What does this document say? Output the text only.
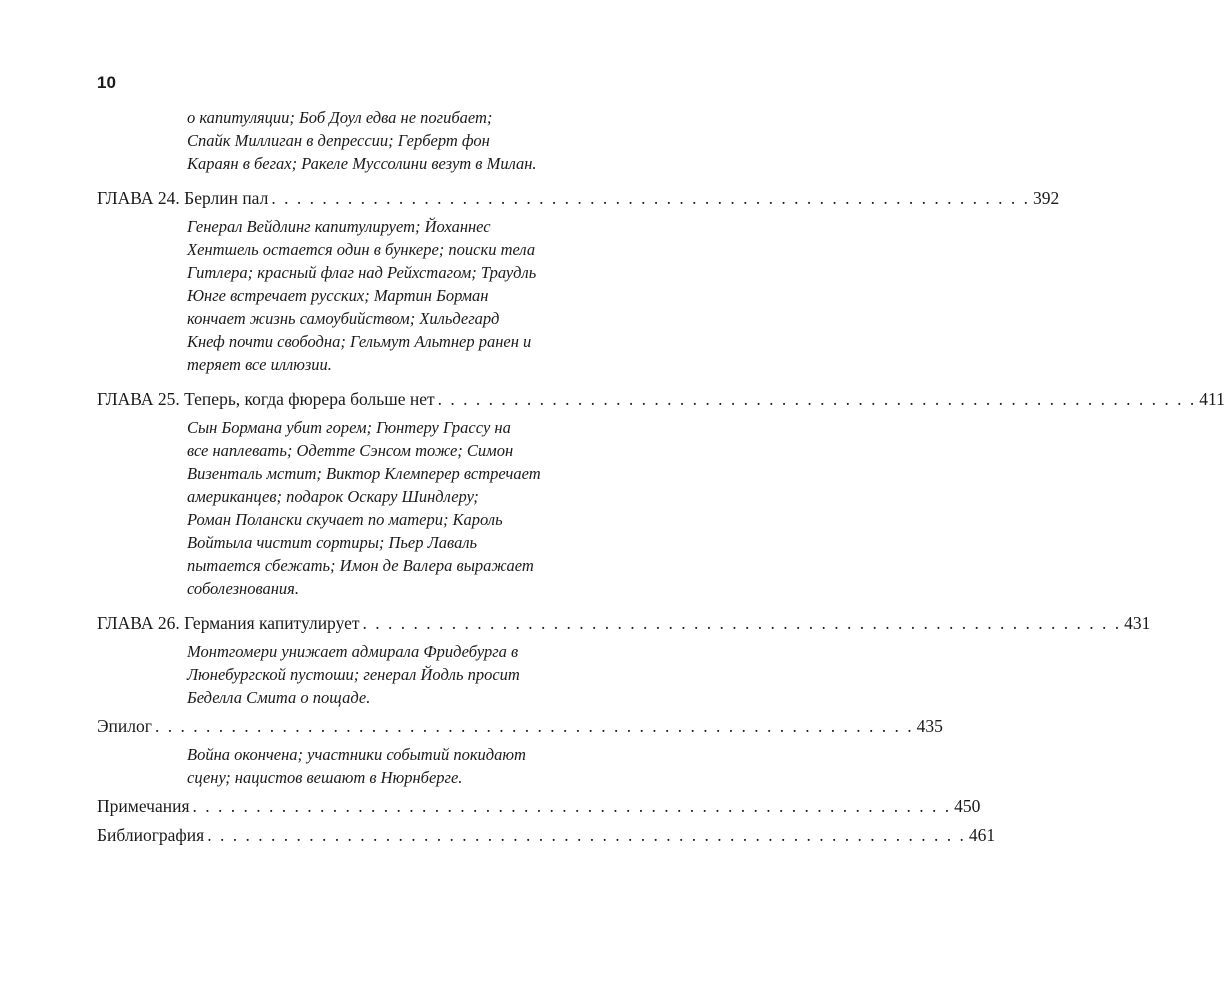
10
о капитуляции; Боб Доул едва не погибает;
Спайк Миллиган в депрессии; Герберт фон
Караян в бегах; Ракеле Муссолини везут в Милан.
ГЛАВА 24. Берлин пал . . . . . . . . . . . . . . . . . . . . . . . . . . . . . . . . . . . . . . . . . . . . . . . . . . . . . . . . . . . . 392
Генерал Вейдлинг капитулирует; Йоханнес
Хентшель остается один в бункере; поиски тела
Гитлера; красный флаг над Рейхстагом; Траудль
Юнге встречает русских; Мартин Борман
кончает жизнь самоубийством; Хильдегард
Кнеф почти свободна; Гельмут Альтнер ранен и
теряет все иллюзии.
ГЛАВА 25. Теперь, когда фюрера больше нет . . . . . . . . . . . . . . . . . . . . . . . . . . . . . . . . . . . . . . . . . . . . . . . . . . . . . . . . . . . . 411
Сын Бормана убит горем; Гюнтеру Грассу на
все наплевать; Одетте Сэнсом тоже; Симон
Визенталь мстит; Виктор Клемперер встречает
американцев; подарок Оскару Шиндлеру;
Роман Полански скучает по матери; Кароль
Войтыла чистит сортиры; Пьер Лаваль
пытается сбежать; Имон де Валера выражает
соболезнования.
ГЛАВА 26. Германия капитулирует . . . . . . . . . . . . . . . . . . . . . . . . . . . . . . . . . . . . . . . . . . . . . . . . . . . . . . . . . . . . 431
Монтгомери унижает адмирала Фридебурга в
Люнебургской пустоши; генерал Йодль просит
Беделла Смита о пощаде.
Эпилог . . . . . . . . . . . . . . . . . . . . . . . . . . . . . . . . . . . . . . . . . . . . . . . . . . . . . . . . . . . . 435
Война окончена; участники событий покидают
сцену; нацистов вешают в Нюрнберге.
Примечания . . . . . . . . . . . . . . . . . . . . . . . . . . . . . . . . . . . . . . . . . . . . . . . . . . . . . . . . . . . . 450
Библиография . . . . . . . . . . . . . . . . . . . . . . . . . . . . . . . . . . . . . . . . . . . . . . . . . . . . . . . . . . . . 461
